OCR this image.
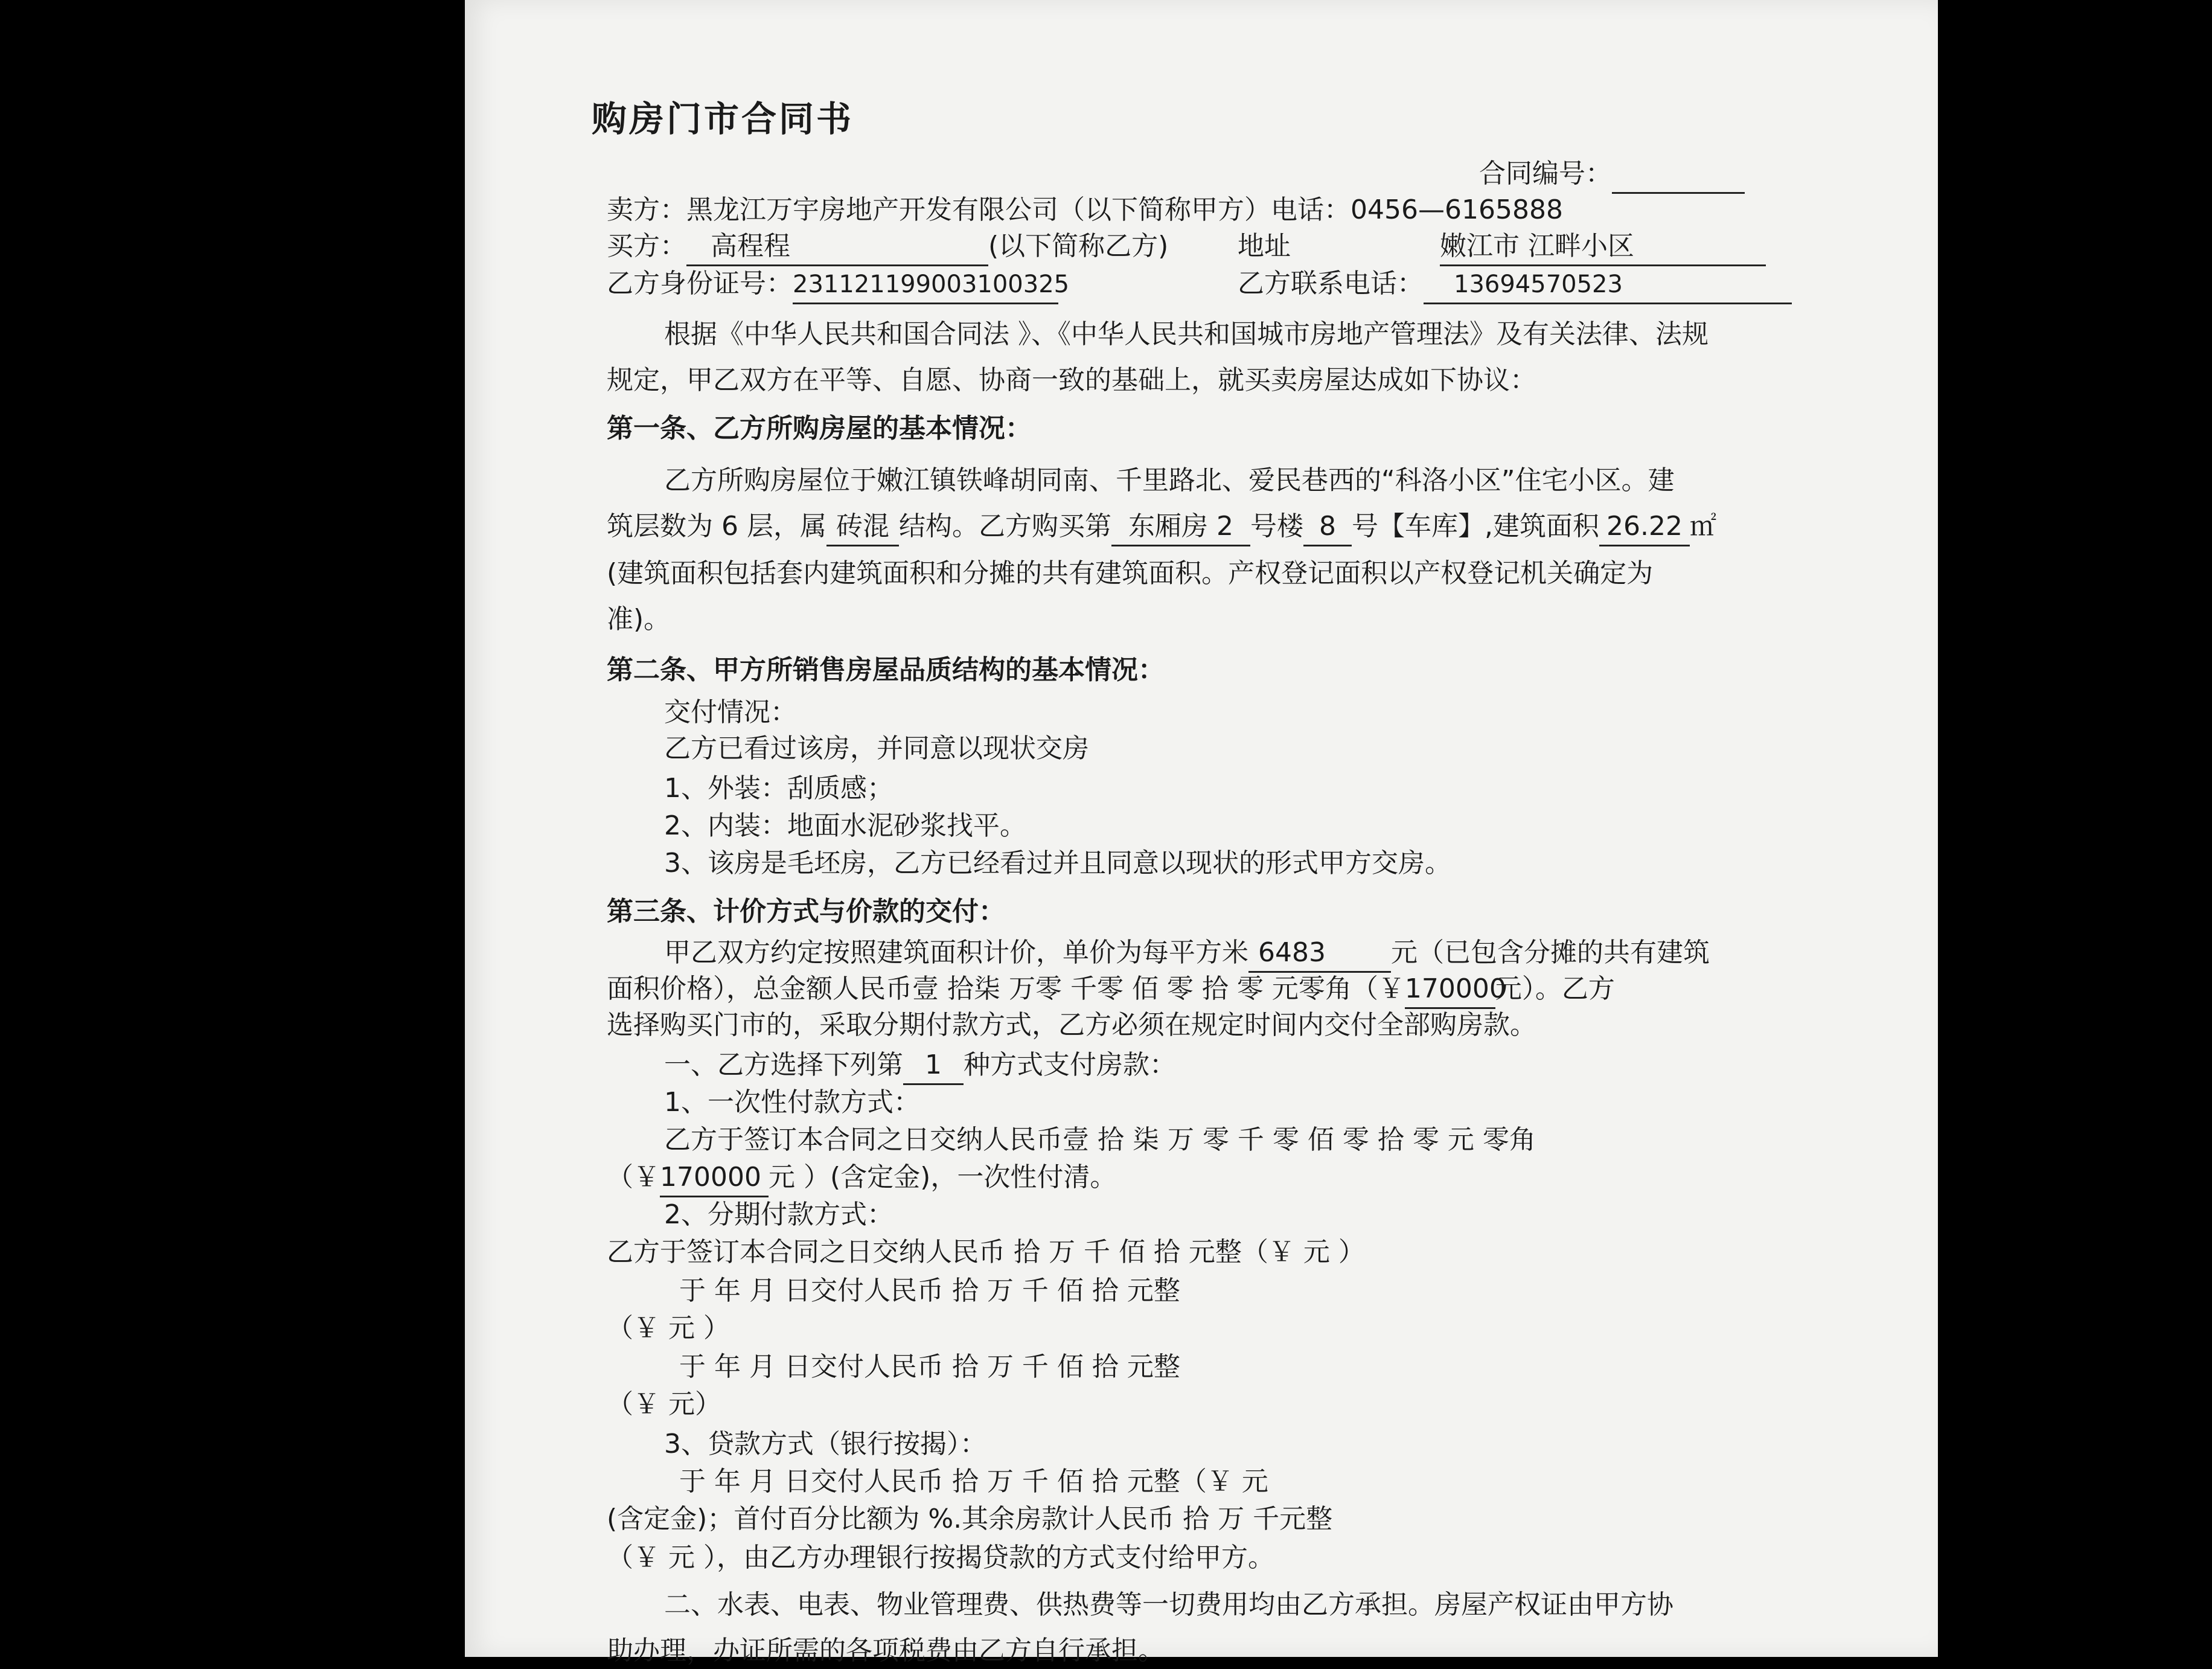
购房门市合同书
合同编号：
卖方：黑龙江万宇房地产开发有限公司（以下简称甲方）电话：0456—6165888
买方： 高程程	(以下简称乙方)	地址	嫩江市 江畔小区
乙方身份证号：231121199003100325	乙方联系电话： 13694570523
根据《中华人民共和国合同法 》、《中华人民共和国城市房地产管理法》及有关法律、法规
规定，甲乙双方在平等、自愿、协商一致的基础上，就买卖房屋达成如下协议：
第一条、乙方所购房屋的基本情况：
乙方所购房屋位于嫩江镇铁峰胡同南、千里路北、爱民巷西的“科洛小区”住宅小区。建
筑层数为 6 层，属 砖混 结构。乙方购买第 东厢房 2 号楼 8 号【车库】,建筑面积 26.22 ㎡
(建筑面积包括套内建筑面积和分摊的共有建筑面积。产权登记面积以产权登记机关确定为
准)。
第二条、甲方所销售房屋品质结构的基本情况：
交付情况：
乙方已看过该房，并同意以现状交房
1、外装：刮质感；
2、内装：地面水泥砂浆找平。
3、该房是毛坯房，乙方已经看过并且同意以现状的形式甲方交房。
第三条、计价方式与价款的交付：
甲乙双方约定按照建筑面积计价，单价为每平方米 6483 元（已包含分摊的共有建筑
面积价格），总金额人民币壹 拾柒 万零 千零 佰 零 拾 零 元零角（￥170000元）。乙方
选择购买门市的，采取分期付款方式，乙方必须在规定时间内交付全部购房款。
一、乙方选择下列第 1 种方式支付房款：
1、一次性付款方式：
乙方于签订本合同之日交纳人民币壹 拾 柒 万 零 千 零 佰 零 拾 零 元 零角
（￥170000 元 ）(含定金)，一次性付清。
2、分期付款方式：
乙方于签订本合同之日交纳人民币 拾 万 千 佰 拾 元整（￥ 元 ）
于 年 月 日交付人民币 拾 万 千 佰 拾 元整
（￥ 元 ）
于 年 月 日交付人民币 拾 万 千 佰 拾 元整
（￥ 元）
3、贷款方式（银行按揭）：
于 年 月 日交付人民币 拾 万 千 佰 拾 元整（￥ 元
(含定金)；首付百分比额为 %.其余房款计人民币 拾 万 千元整
（￥ 元 ），由乙方办理银行按揭贷款的方式支付给甲方。
二、水表、电表、物业管理费、供热费等一切费用均由乙方承担。房屋产权证由甲方协
助办理，办证所需的各项税费由乙方自行承担。
